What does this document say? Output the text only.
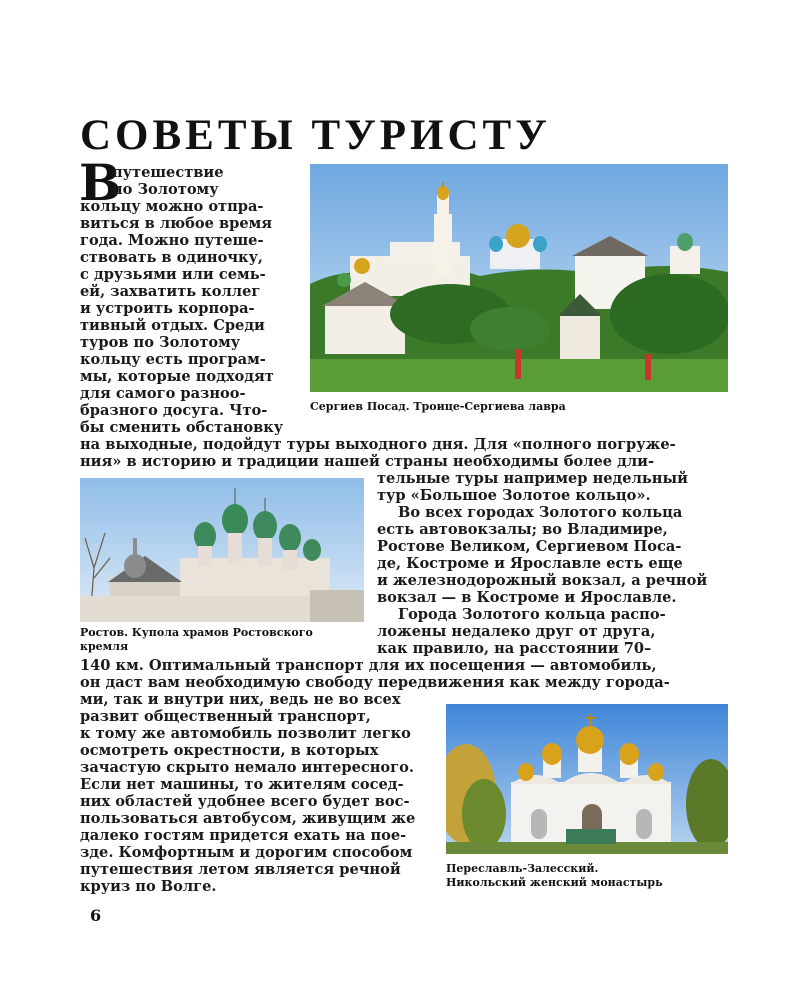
СОВЕТЫ ТУРИСТУ
В
путешествие
по Золотому
кольцу можно отпра-
виться в любое время
года. Можно путеше-
ствовать в одиночку,
с друзьями или семь-
ей, захватить коллег
и устроить корпора-
тивный отдых. Среди
туров по Золотому
кольцу есть програм-
мы, которые подходят
для самого разноо-
бразного досуга. Что-
бы сменить обстановку
на выходные, подойдут туры выходного дня. Для «полного погруже-
ния» в историю и традиции нашей страны необходимы более дли-
тельные туры например недельный
тур «Большое Золотое кольцо».
Во всех городах Золотого кольца
есть автовокзалы; во Владимире,
Ростове Великом, Сергиевом Поса-
де, Костроме и Ярославле есть еще
и железнодорожный вокзал, а речной
вокзал — в Костроме и Ярославле.
Города Золотого кольца распо-
ложены недалеко друг от друга,
как правило, на расстоянии 70–
140 км. Оптимальный транспорт для их посещения — автомобиль,
он даст вам необходимую свободу передвижения как между города-
ми, так и внутри них, ведь не во всех
развит общественный транспорт,
к тому же автомобиль позволит легко
осмотреть окрестности, в которых
зачастую скрыто немало интересного.
Если нет машины, то жителям сосед-
них областей удобнее всего будет вос-
пользоваться автобусом, живущим же
далеко гостям придется ехать на пое-
зде. Комфортным и дорогим способом
путешествия летом является речной
круиз по Волге.
Сергиев Посад. Троице-Сергиева лавра
Ростов. Купола храмов Ростовского
кремля
Переславль-Залесский.
Никольский женский монастырь
6
